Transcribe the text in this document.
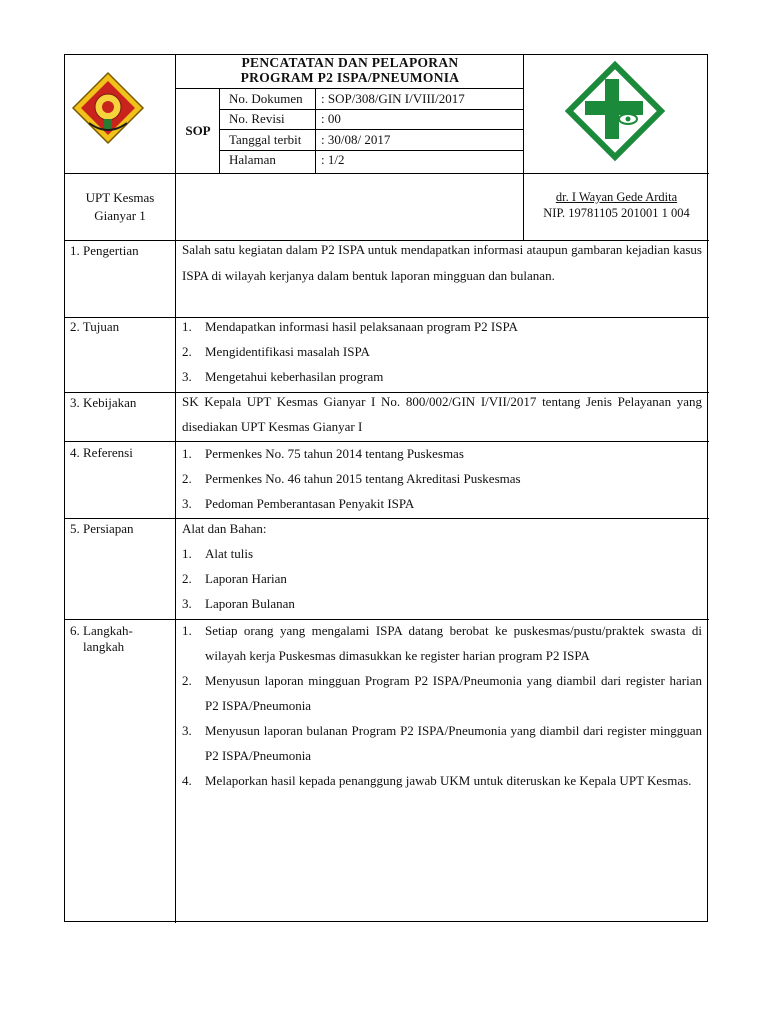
PENCATATAN DAN PELAPORAN
PROGRAM P2 ISPA/PNEUMONIA
SOP
No. Dokumen : SOP/308/GIN I/VIII/2017
No. Revisi	: 00
Tanggal terbit : 30/08/ 2017
Halaman	: 1/2
UPT Kesmas
Gianyar 1
dr. I Wayan Gede Ardita
NIP. 19781105 201001 1 004
1. Pengertian	Salah satu kegiatan dalam P2 ISPA untuk mendapatkan informasi ataupun gambaran kejadian kasus ISPA di wilayah kerjanya dalam bentuk laporan mingguan dan bulanan.
2. Tujuan	1.	Mendapatkan informasi hasil pelaksanaan program P2 ISPA
2.	Mengidentifikasi masalah ISPA
3.	Mengetahui keberhasilan program
3. Kebijakan	SK Kepala UPT Kesmas Gianyar I No. 800/002/GIN I/VII/2017 tentang Jenis Pelayanan yang disediakan UPT Kesmas Gianyar I
4. Referensi	1.	Permenkes No. 75 tahun 2014 tentang Puskesmas
2.	Permenkes No. 46 tahun 2015 tentang Akreditasi Puskesmas
3.	Pedoman Pemberantasan Penyakit ISPA
5. Persiapan	Alat dan Bahan:
1.	Alat tulis
2.	Laporan Harian
3.	Laporan Bulanan
6. Langkah-
langkah
1.	Setiap orang yang mengalami ISPA datang berobat ke puskesmas/pustu/praktek swasta di wilayah kerja Puskesmas dimasukkan ke register harian program P2 ISPA
2.	Menyusun laporan mingguan Program P2 ISPA/Pneumonia yang diambil dari register harian P2 ISPA/Pneumonia
3.	Menyusun laporan bulanan Program P2 ISPA/Pneumonia yang diambil dari register mingguan P2 ISPA/Pneumonia
4.	Melaporkan hasil kepada penanggung jawab UKM untuk diteruskan ke Kepala UPT Kesmas.
